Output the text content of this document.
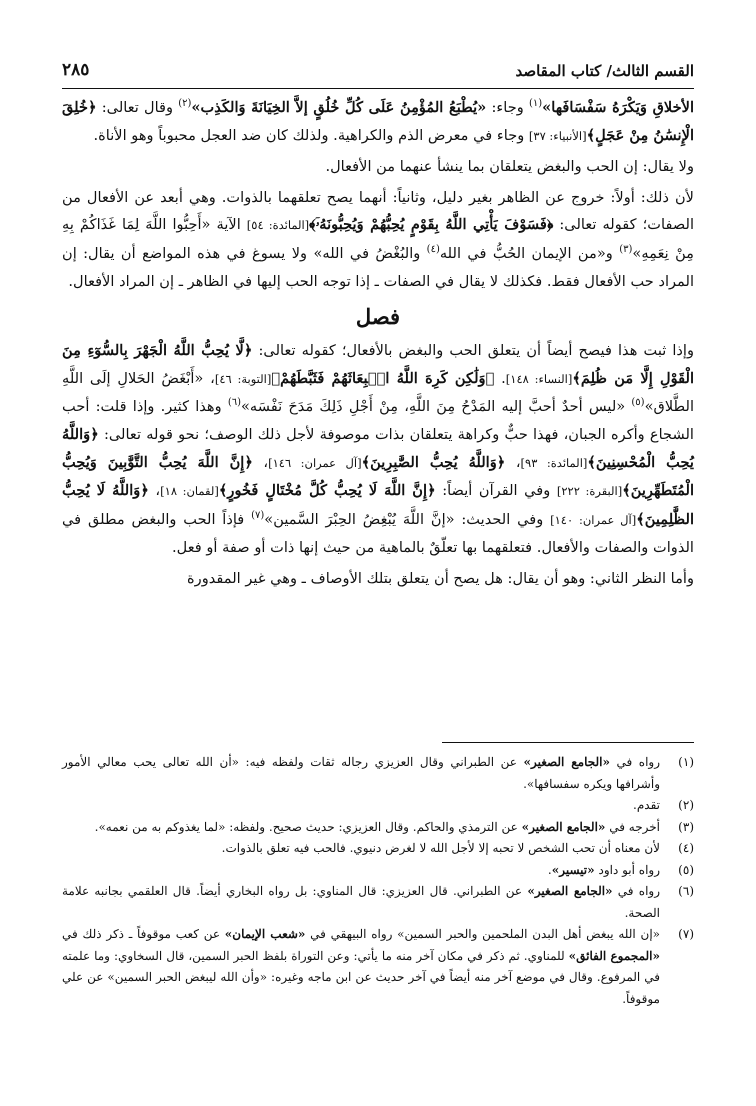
القسم الثالث/ كتاب المقاصد
٢٨٥

الأخلاقِ وَيَكْرَهُ سَفْسَافَها»$^{(١)}$ وجاء: «يُطْبَعُ المُؤْمِنُ عَلَى كُلِّ خُلُقٍ إلاَّ الخِيَانَةَ وَالكَذِب»$^{(٢)}$ وقال تعالى: ﴿خُلِقَ الْإِنسَٰنُ مِنْ عَجَلٍ﴾[الأنبياء: ٣٧] وجاء في معرض الذم والكراهية. ولذلك كان ضد العجل محبوباً وهو الأناة.

ولا يقال: إن الحب والبغض يتعلقان بما ينشأ عنهما من الأفعال.

لأن ذلك: أولاً: خروج عن الظاهر بغير دليل، وثانياً: أنهما يصح تعلقهما بالذوات. وهي أبعد عن الأفعال من الصفات؛ كقوله تعالى: ﴿فَسَوْفَ يَأْتِي اللَّهُ بِقَوْمٍ يُحِبُّهُمْ وَيُحِبُّونَهُۥٓ﴾[المائدة: ٥٤] الآية «أَحِبُّوا اللَّهَ لِمَا غَذَاكُمْ بِهِ مِنْ نِعَمِهِ»$^{(٣)}$ و«من الإيمان الحُبُّ في الله$^{(٤)}$ والبُغْضُ في الله» ولا يسوغ في هذه المواضع أن يقال: إن المراد حب الأفعال فقط. فكذلك لا يقال في الصفات ـ إذا توجه الحب إليها في الظاهر ـ إن المراد الأفعال.

فصل

وإذا ثبت هذا فيصح أيضاً أن يتعلق الحب والبغض بالأفعال؛ كقوله تعالى: ﴿لَّا يُحِبُّ اللَّهُ الْجَهْرَ بِالسُّوٓءِ مِنَ الْقَوْلِ إِلَّا مَن ظُلِمَ﴾[النساء: ١٤٨]. ﴿وَلَٰكِن كَرِهَ اللَّهُ انۢبِعَاثَهُمْ فَثَبَّطَهُمْ﴾[التوبة: ٤٦]، «أَبْغَضُ الحَلالِ إلَى اللَّهِ الطَّلاق»$^{(٥)}$ «ليس أحدٌ أحبَّ إليه المَدْحُ مِنَ اللَّهِ، مِنْ أَجْلِ ذَلِكَ مَدَحَ نَفْسَه»$^{(٦)}$ وهذا كثير. وإذا قلت: أحب الشجاع وأكره الجبان، فهذا حبٌّ وكراهة يتعلقان بذات موصوفة لأجل ذلك الوصف؛ نحو قوله تعالى: ﴿وَاللَّهُ يُحِبُّ الْمُحْسِنِينَ﴾[المائدة: ٩٣]، ﴿وَاللَّهُ يُحِبُّ الصَّٰبِرِينَ﴾[آل عمران: ١٤٦]، ﴿إِنَّ اللَّهَ يُحِبُّ التَّوَّٰبِينَ وَيُحِبُّ الْمُتَطَهِّرِينَ﴾[البقرة: ٢٢٢] وفي القرآن أيضاً: ﴿إِنَّ اللَّهَ لَا يُحِبُّ كُلَّ مُخْتَالٍ فَخُورٍ﴾[لقمان: ١٨]، ﴿وَاللَّهُ لَا يُحِبُّ الظَّٰلِمِينَ﴾[آل عمران: ١٤٠] وفي الحديث: «إنَّ اللَّهَ يُبْغِضُ الحِبْرَ السَّمين»$^{(٧)}$ فإذاً الحب والبغض مطلق في الذوات والصفات والأفعال. فتعلقهما بها تعلّقٌ بالماهية من حيث إنها ذات أو صفة أو فعل.

وأما النظر الثاني: وهو أن يقال: هل يصح أن يتعلق بتلك الأوصاف ـ وهي غير المقدورة

(١)
رواه في «الجامع الصغير» عن الطبراني وقال العزيزي رجاله ثقات ولفظه فيه: «أن الله تعالى يحب معالي الأمور وأشرافها ويكره سفسافها».
(٢)
تقدم.
(٣)
أخرجه في «الجامع الصغير» عن الترمذي والحاكم. وقال العزيزي: حديث صحيح. ولفظه: «لما يغذوكم به من نعمه».
(٤)
لأن معناه أن تحب الشخص لا تحبه إلا لأجل الله لا لغرض دنيوي. فالحب فيه تعلق بالذوات.
(٥)
رواه أبو داود «تيسير».
(٦)
رواه في «الجامع الصغير» عن الطبراني. قال العزيزي: قال المناوي: بل رواه البخاري أيضاً. قال العلقمي بجانبه علامة الصحة.
(٧)
«إن الله يبغض أهل البدن الملحمين والحبر السمين» رواه البيهقي في «شعب الإيمان» عن كعب موقوفاً ـ ذكر ذلك في «المجموع الفائق» للمناوي. ثم ذكر في مكان آخر منه ما يأتي: وعن التوراة بلفظ الحبر السمين، قال السخاوي: وما علمته في المرفوع. وقال في موضع آخر منه أيضاً في آخر حديث عن ابن ماجه وغيره: «وأن الله ليبغض الحبر السمين» عن علي موقوفاً.
